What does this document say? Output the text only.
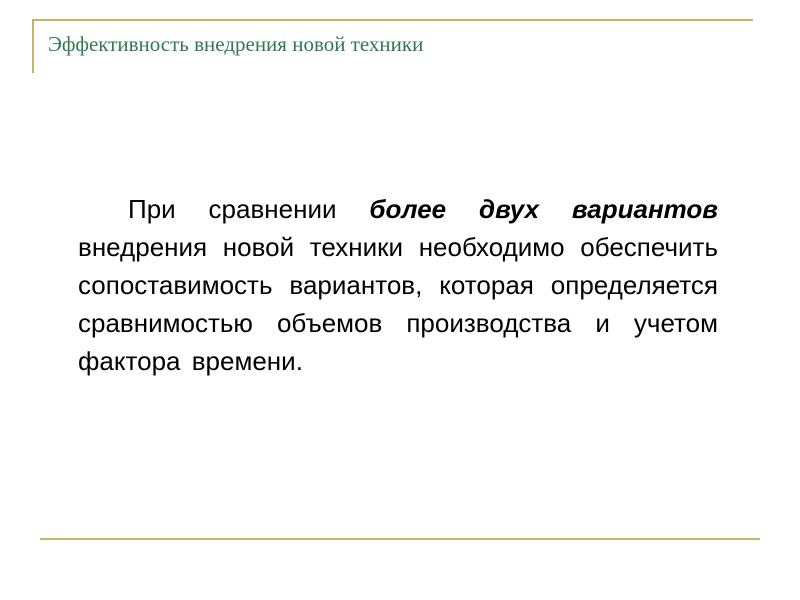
Эффективность внедрения новой техники
При сравнении более двух вариантов внедрения новой техники необходимо обеспечить сопоставимость вариантов, которая определяется сравнимостью объемов производства и учетом фактора времени.
